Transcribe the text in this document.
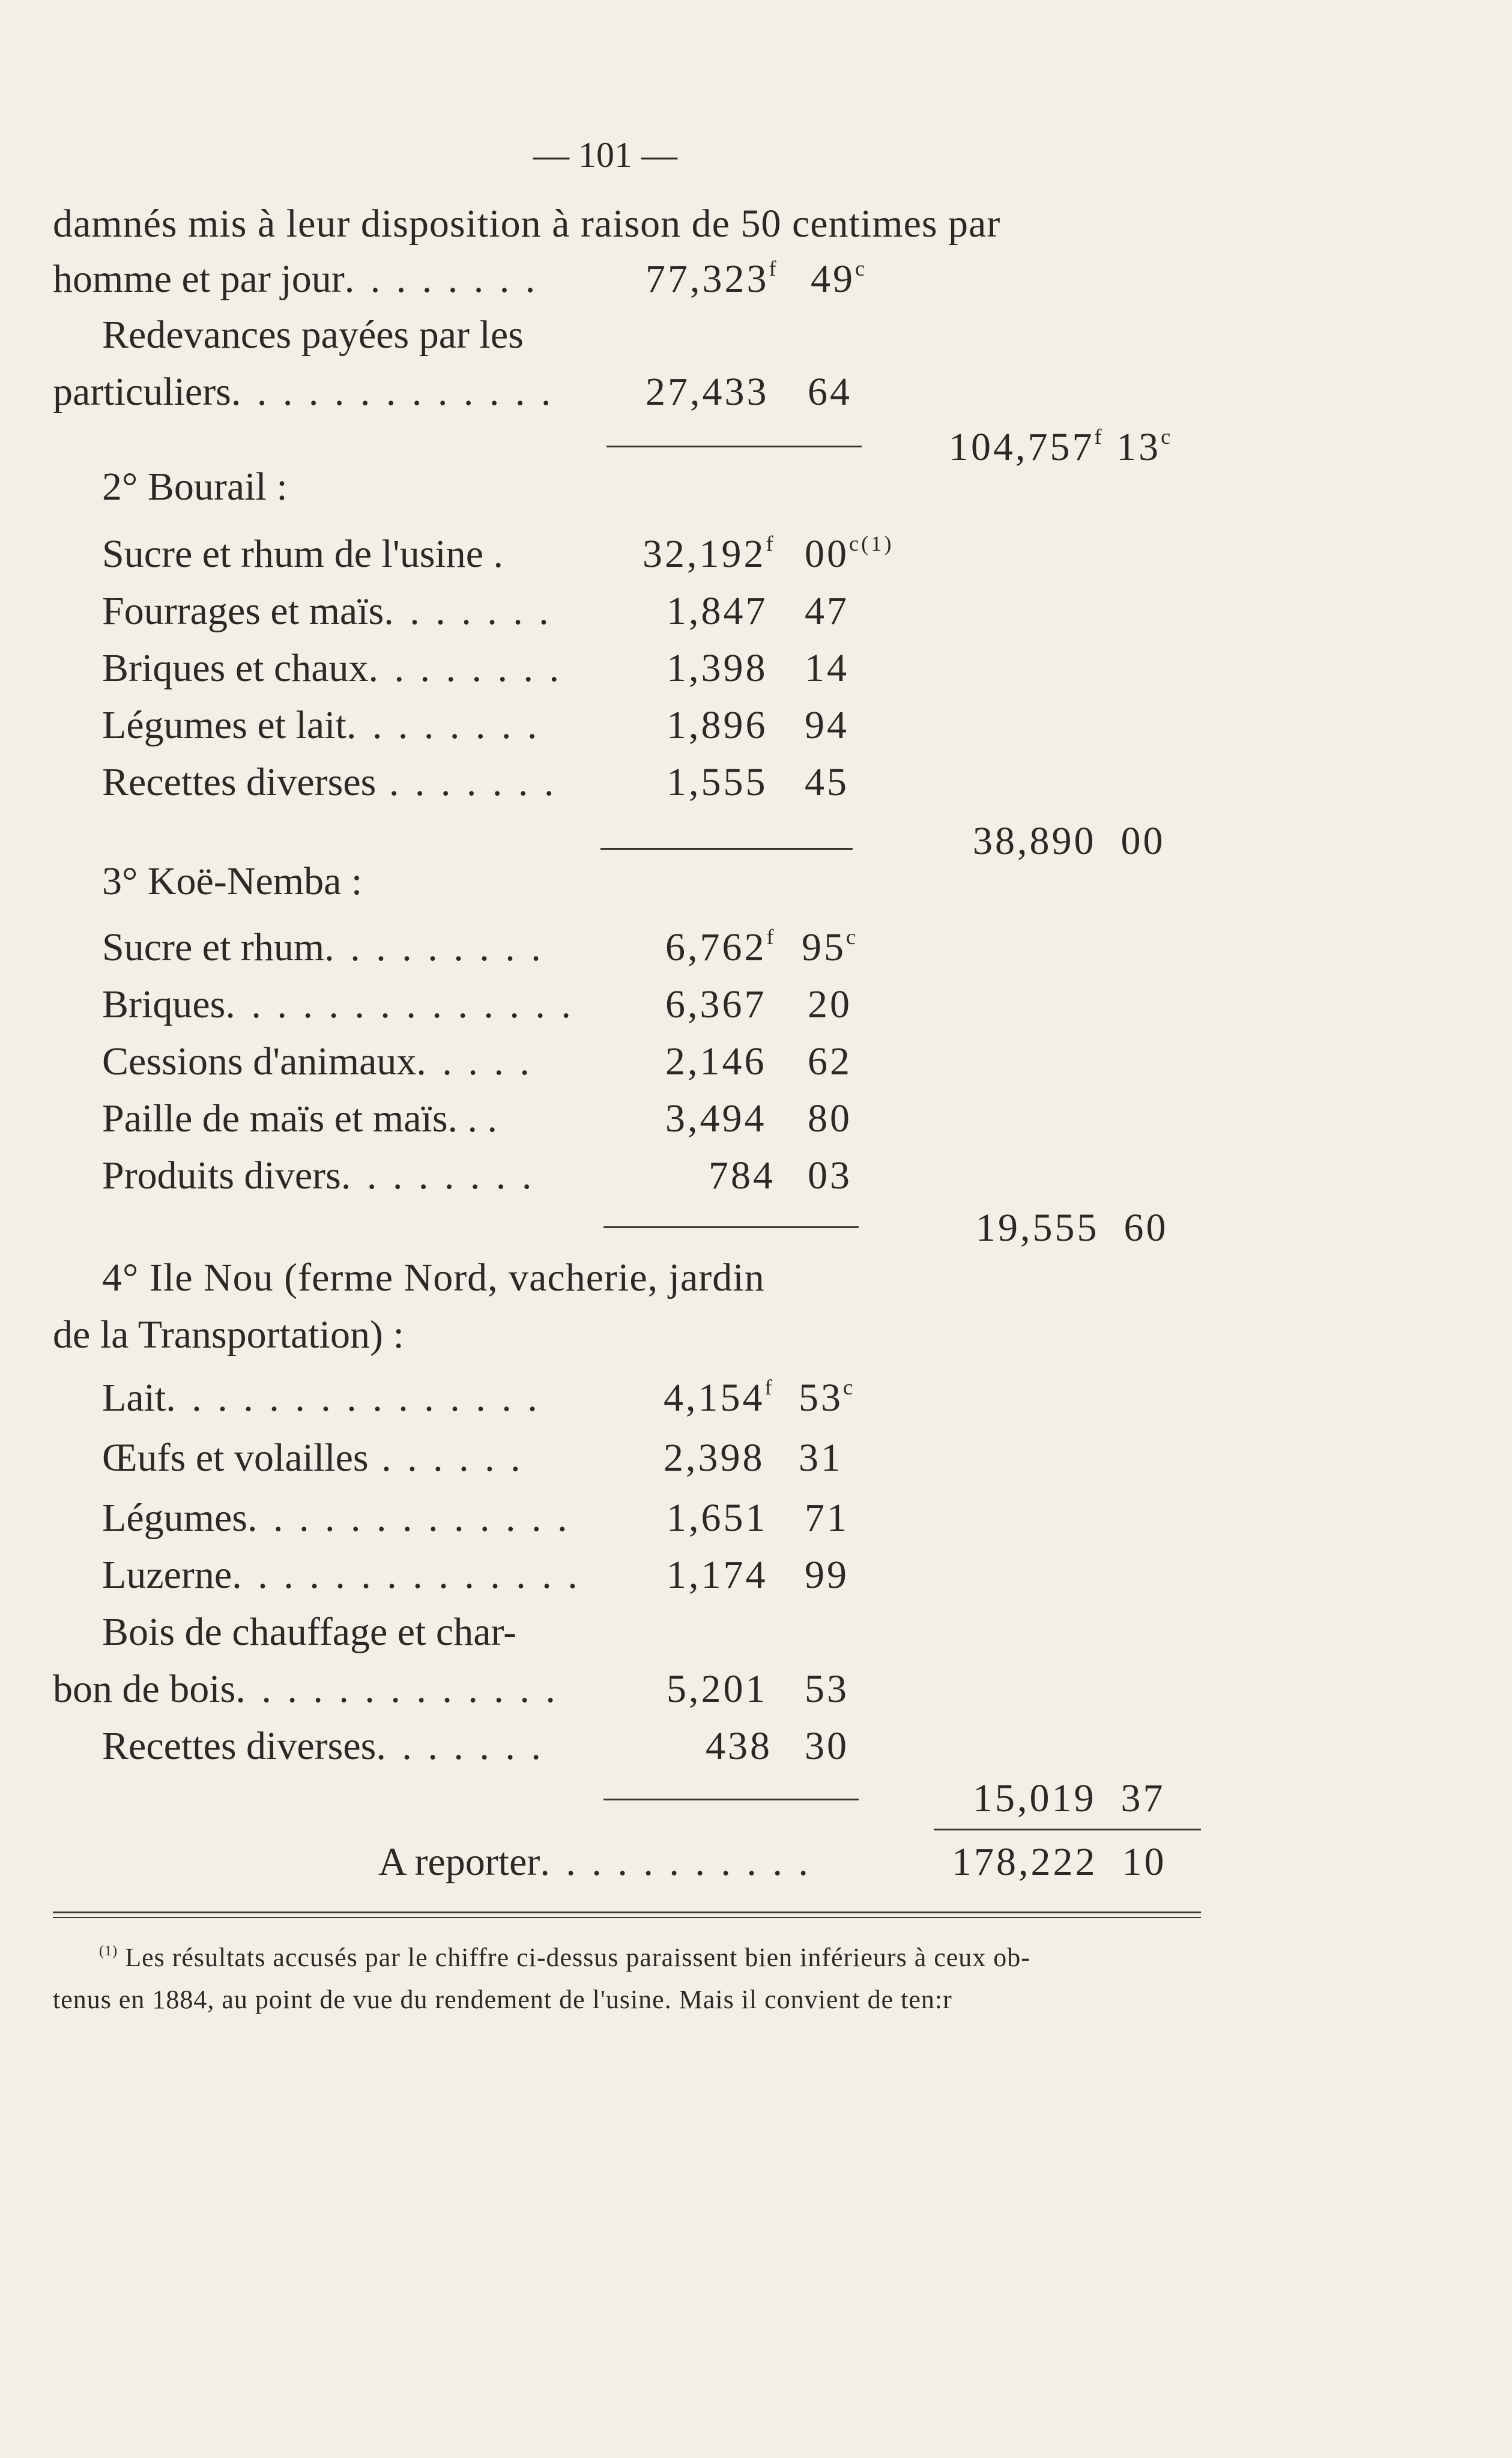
— 101 —
damnés mis à leur disposition à raison de 50 centimes par
homme et par jour. . . . . . . .	77,323$^f$ 49$^c$
Redevances payées par les
particuliers. . . . . . . . . . . . . 27,433 64
104,757$^f$ 13$^c$
2° Bourail :
Sucre et rhum de l'usine .	32,192$^f$ $00^{c(1)}$
Fourrages et maïs. . . . . . .	1,847 47
Briques et chaux. . . . . . . .	1,398 14
Légumes et lait. . . . . . . .	1,896 94
Recettes diverses . . . . . . .	1,555 45
38,890 00
3° Koë-Nemba :
Sucre et rhum. . . . . . . . .	6,762$^f$ 95$^c$
Briques. . . . . . . . . . . . . . 6,367 20
Cessions d'animaux. . . . .	2,146 62
Paille de maïs et maïs. . .	3,494 80
Produits divers. . . . . . . .	784 03
19,555 60
4° Ile Nou (ferme Nord, vacherie, jardin
de la Transportation) :
Lait. . . . . . . . . . . . . . .	4,154$^f$ 53$^c$
Œufs et volailles . . . . . .	2,398 31
Légumes. . . . . . . . . . . . . 1,651 71
Luzerne. . . . . . . . . . . . . . 1,174 99
Bois de chauffage et char-
bon de bois. . . . . . . . . . . . .	5,201 53
Recettes diverses. . . . . . .	438 30
15,019 37
A reporter. . . . . . . . . . .	178,222 10
$^{(1)}$ Les résultats accusés par le chiffre ci-dessus paraissent bien inférieurs à ceux ob-
tenus en 1884, au point de vue du rendement de l'usine. Mais il convient de ten:r
